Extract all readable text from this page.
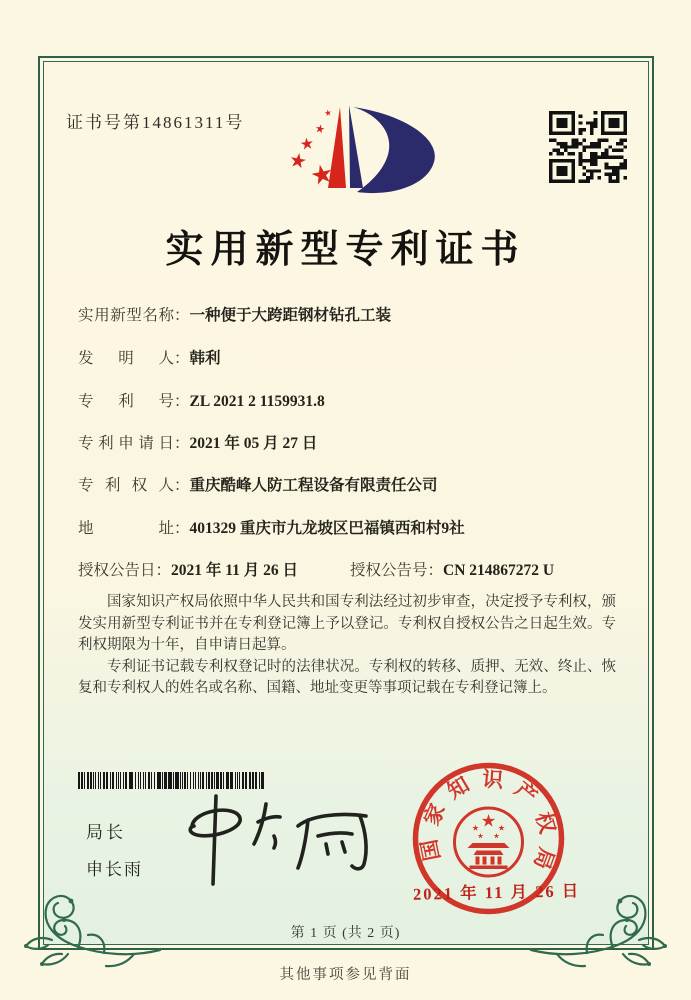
证书号第14861311号
实用新型专利证书
实用新型名称：一种便于大跨距钢材钻孔工装
发明人：韩利
专利号：ZL 2021 2 1159931.8
专利申请日：2021 年 05 月 27 日
专利权人：重庆酷峰人防工程设备有限责任公司
地址：401329 重庆市九龙坡区巴福镇西和村9社
授权公告日：2021 年 11 月 26 日	授权公告号：CN 214867272 U

国家知识产权局依照中华人民共和国专利法经过初步审查，决定授予专利权，颁发实用新型专利证书并在专利登记簿上予以登记。专利权自授权公告之日起生效。专利权期限为十年，自申请日起算。

专利证书记载专利权登记时的法律状况。专利权的转移、质押、无效、终止、恢复和专利权人的姓名或名称、国籍、地址变更等事项记载在专利登记簿上。

局长
申长雨
国家知识产权局
2021 年 11 月 26 日
第 1 页 (共 2 页)
其他事项参见背面
